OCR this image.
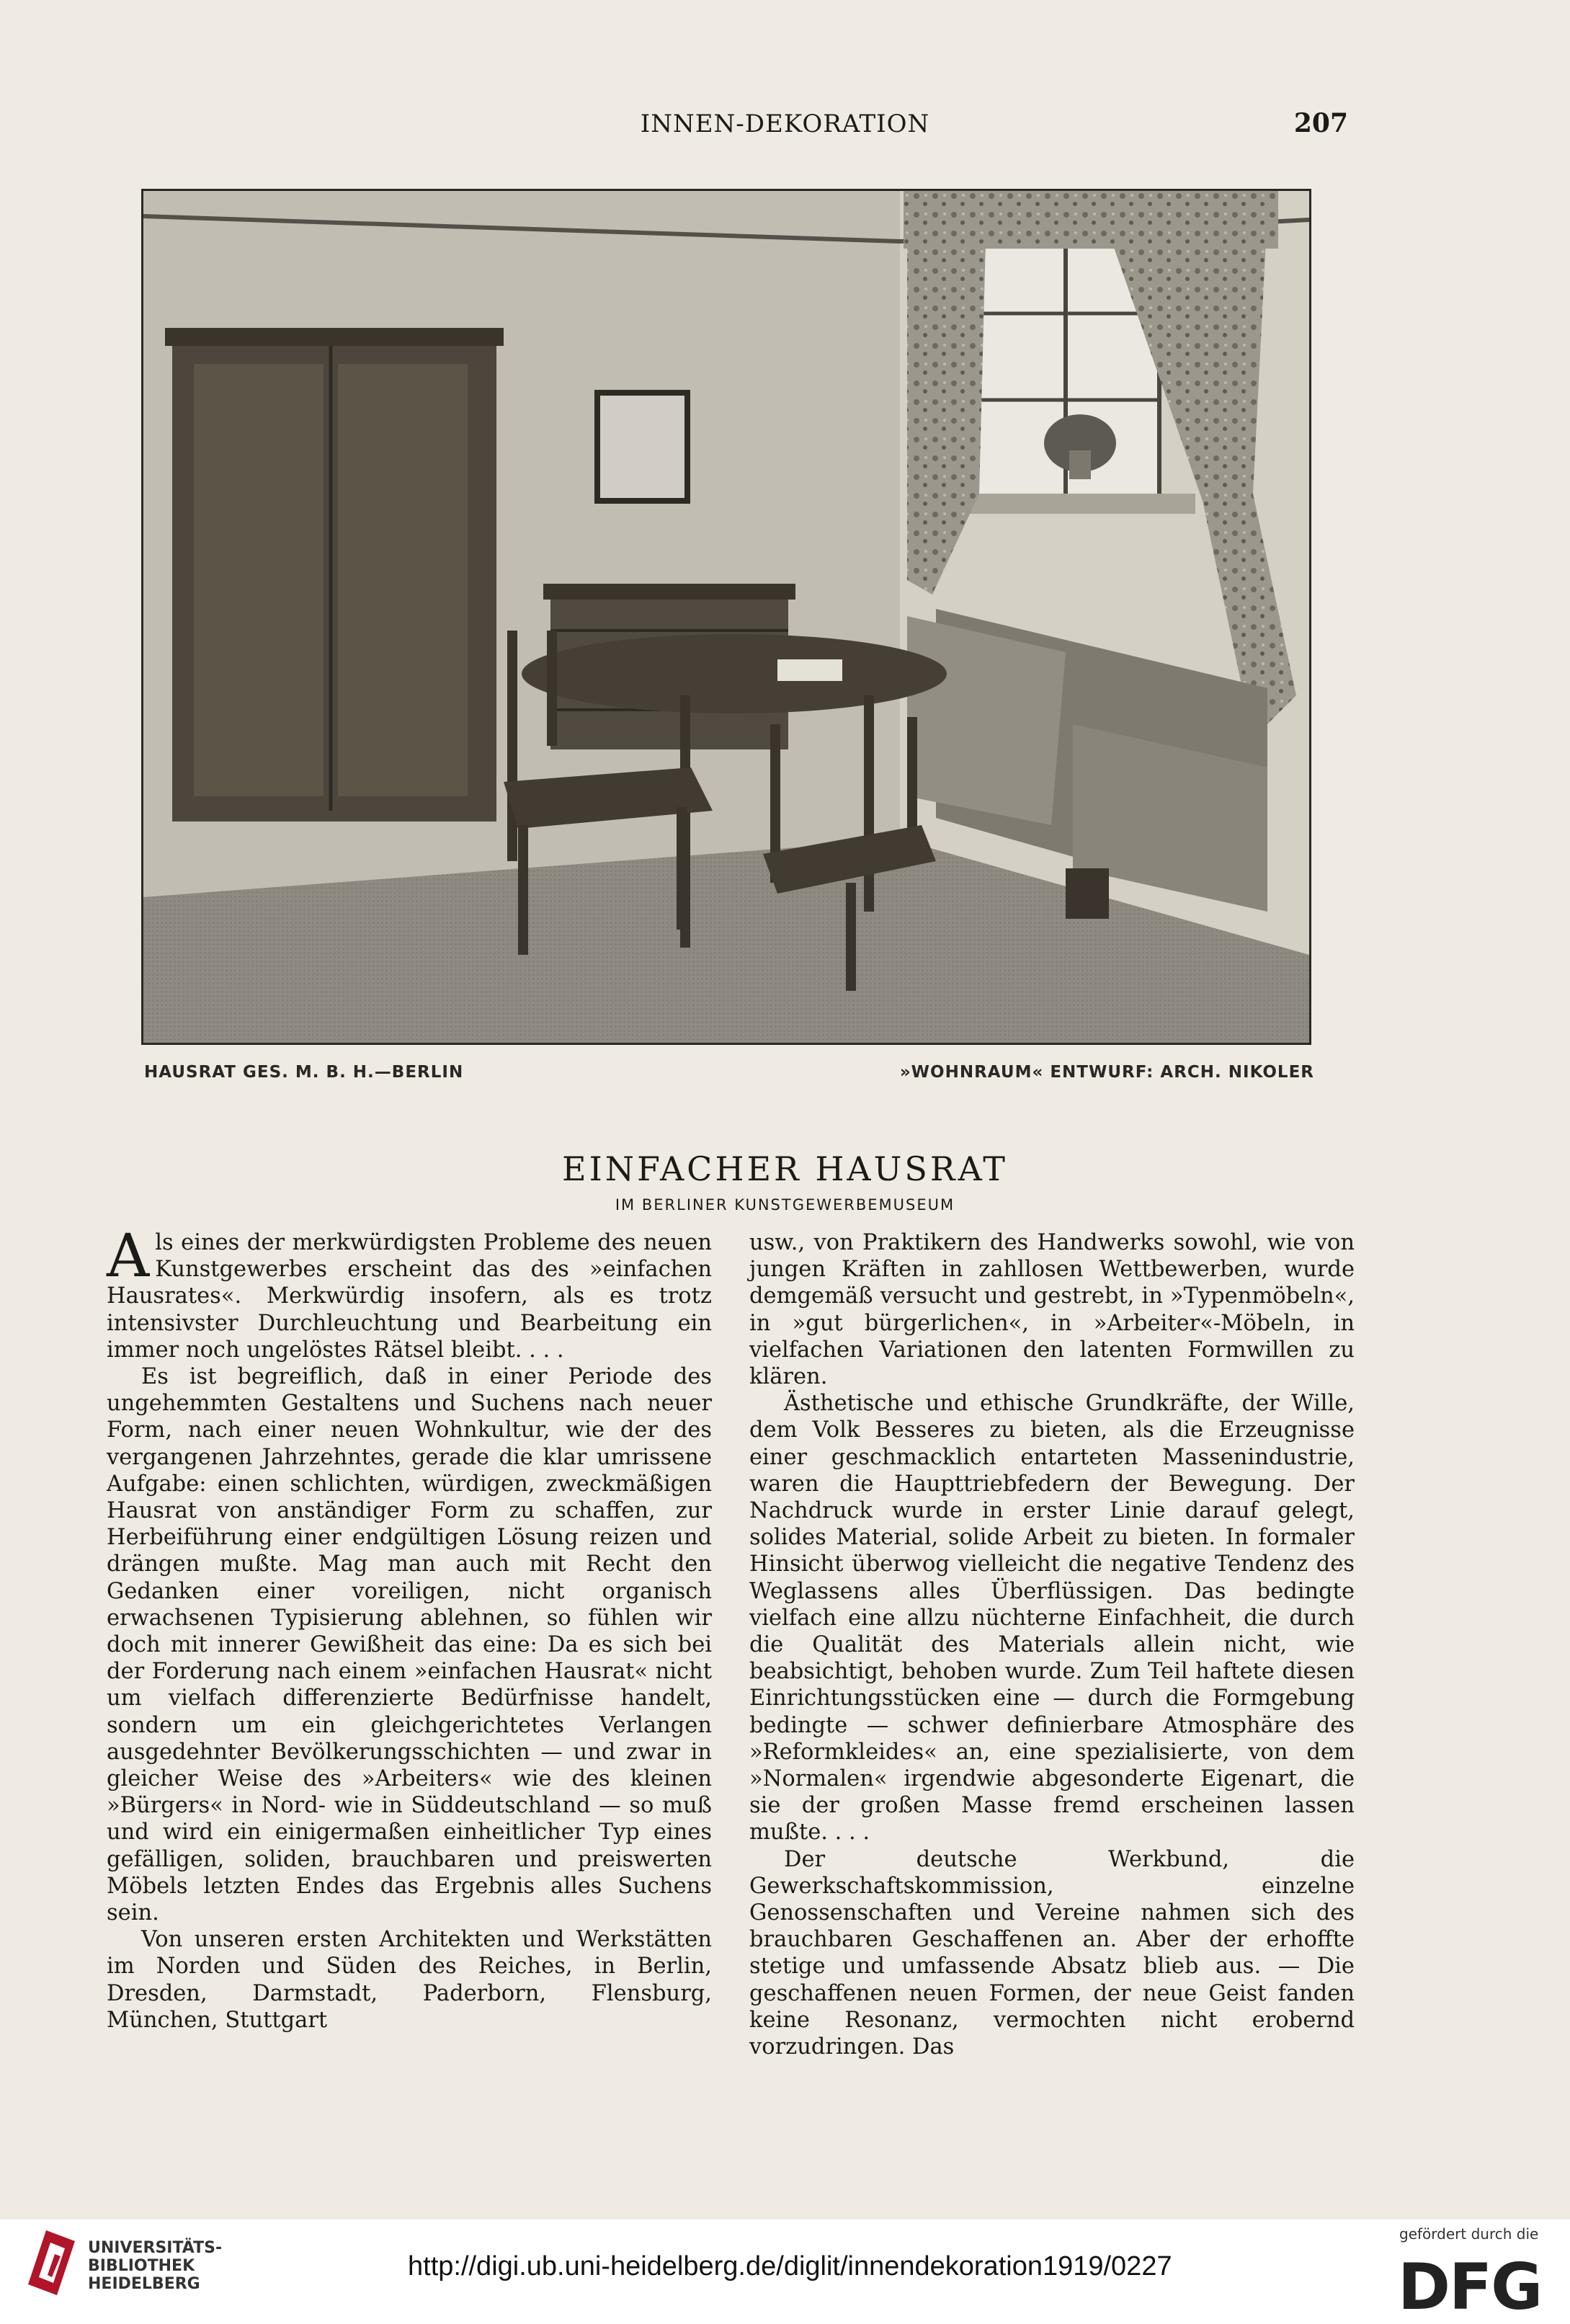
INNEN-DEKORATION	207
HAUSRAT GES. M. B. H.—BERLIN	»WOHNRAUM« ENTWURF: ARCH. NIKOLER
EINFACHER HAUSRAT
IM BERLINER KUNSTGEWERBEMUSEUM

Als eines der merkwürdigsten Probleme des neuen Kunstgewerbes erscheint das des »einfachen Hausrates«. Merkwürdig insofern, als es trotz intensivster Durchleuchtung und Bearbeitung ein immer noch ungelöstes Rätsel bleibt. . . .

Es ist begreiflich, daß in einer Periode des ungehemmten Gestaltens und Suchens nach neuer Form, nach einer neuen Wohnkultur, wie der des vergangenen Jahrzehntes, gerade die klar umrissene Aufgabe: einen schlichten, würdigen, zweckmäßigen Hausrat von anständiger Form zu schaffen, zur Herbeiführung einer endgültigen Lösung reizen und drängen mußte. Mag man auch mit Recht den Gedanken einer voreiligen, nicht organisch erwachsenen Typisierung ablehnen, so fühlen wir doch mit innerer Gewißheit das eine: Da es sich bei der Forderung nach einem »einfachen Hausrat« nicht um vielfach differenzierte Bedürfnisse handelt, sondern um ein gleichgerichtetes Verlangen ausgedehnter Bevölkerungsschichten — und zwar in gleicher Weise des »Arbeiters« wie des kleinen »Bürgers« in Nord- wie in Süddeutschland — so muß und wird ein einigermaßen einheitlicher Typ eines gefälligen, soliden, brauchbaren und preiswerten Möbels letzten Endes das Ergebnis alles Suchens sein.

Von unseren ersten Architekten und Werkstätten im Norden und Süden des Reiches, in Berlin, Dresden, Darmstadt, Paderborn, Flensburg, München, Stuttgart

usw., von Praktikern des Handwerks sowohl, wie von jungen Kräften in zahllosen Wettbewerben, wurde demgemäß versucht und gestrebt, in »Typenmöbeln«, in »gut bürgerlichen«, in »Arbeiter«-Möbeln, in vielfachen Variationen den latenten Formwillen zu klären.

Ästhetische und ethische Grundkräfte, der Wille, dem Volk Besseres zu bieten, als die Erzeugnisse einer geschmacklich entarteten Massenindustrie, waren die Haupttriebfedern der Bewegung. Der Nachdruck wurde in erster Linie darauf gelegt, solides Material, solide Arbeit zu bieten. In formaler Hinsicht überwog vielleicht die negative Tendenz des Weglassens alles Überflüssigen. Das bedingte vielfach eine allzu nüchterne Einfachheit, die durch die Qualität des Materials allein nicht, wie beabsichtigt, behoben wurde. Zum Teil haftete diesen Einrichtungsstücken eine — durch die Formgebung bedingte — schwer definierbare Atmosphäre des »Reformkleides« an, eine spezialisierte, von dem »Normalen« irgendwie abgesonderte Eigenart, die sie der großen Masse fremd erscheinen lassen mußte. . . .

Der deutsche Werkbund, die Gewerkschaftskommission, einzelne Genossenschaften und Vereine nahmen sich des brauchbaren Geschaffenen an. Aber der erhoffte stetige und umfassende Absatz blieb aus. — Die geschaffenen neuen Formen, der neue Geist fanden keine Resonanz, vermochten nicht erobernd vorzudringen. Das

UNIVERSITÄTS-
BIBLIOTHEK
HEIDELBERG
http://digi.ub.uni-heidelberg.de/diglit/innendekoration1919/0227
gefördert durch die
DFG
